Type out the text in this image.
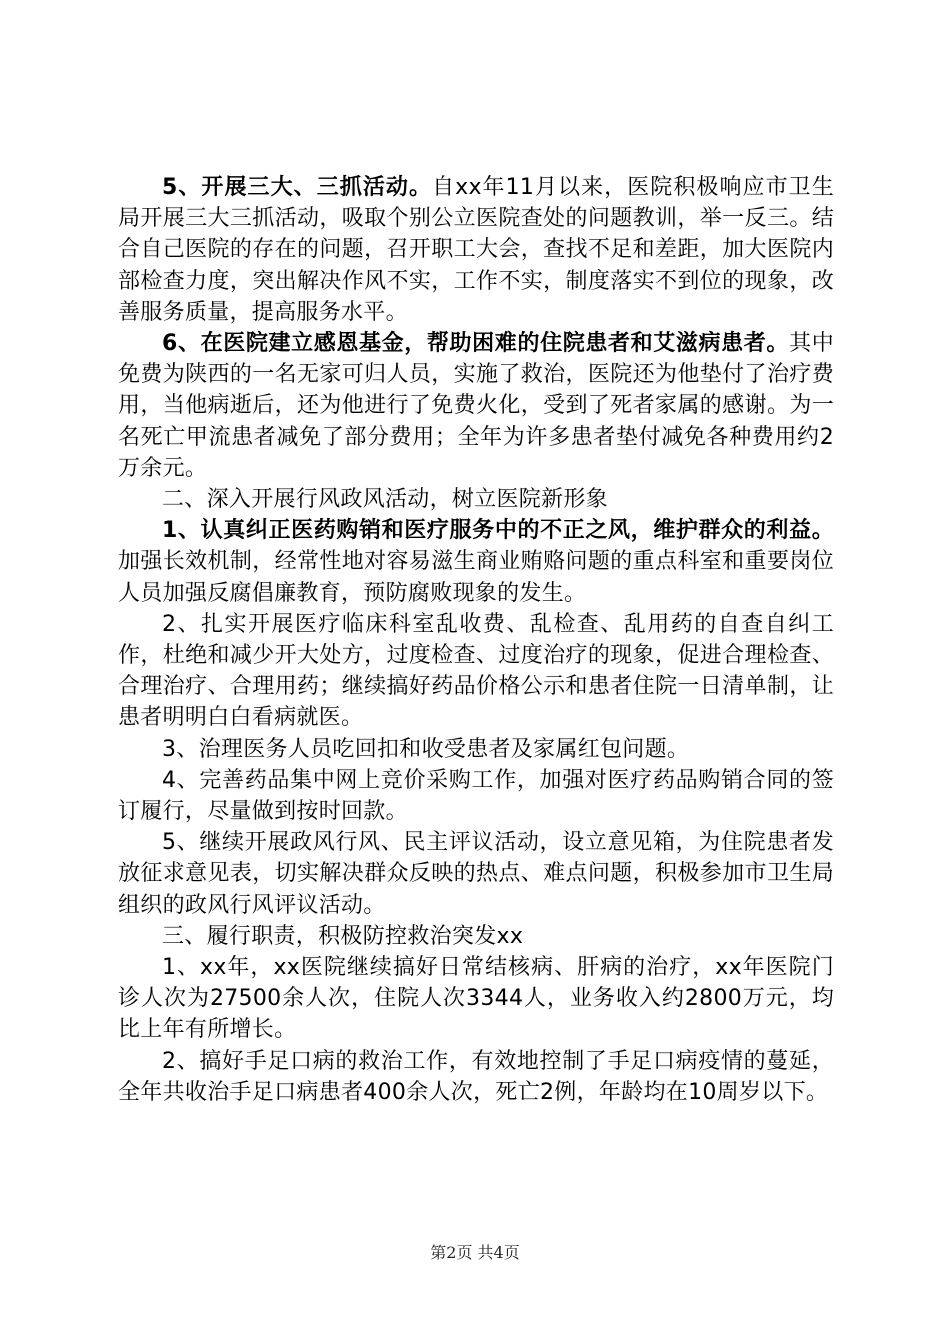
5、开展三大、三抓活动。自xx年11月以来，医院积极响应市卫生局开展三大三抓活动，吸取个别公立医院查处的问题教训，举一反三。结合自己医院的存在的问题，召开职工大会，查找不足和差距，加大医院内部检查力度，突出解决作风不实，工作不实，制度落实不到位的现象，改善服务质量，提高服务水平。

6、在医院建立感恩基金，帮助困难的住院患者和艾滋病患者。其中免费为陕西的一名无家可归人员，实施了救治，医院还为他垫付了治疗费用，当他病逝后，还为他进行了免费火化，受到了死者家属的感谢。为一名死亡甲流患者减免了部分费用；全年为许多患者垫付减免各种费用约2万余元。

二、深入开展行风政风活动，树立医院新形象

1、认真纠正医药购销和医疗服务中的不正之风，维护群众的利益。加强长效机制，经常性地对容易滋生商业贿赂问题的重点科室和重要岗位人员加强反腐倡廉教育，预防腐败现象的发生。

2、扎实开展医疗临床科室乱收费、乱检查、乱用药的自查自纠工作，杜绝和减少开大处方，过度检查、过度治疗的现象，促进合理检查、合理治疗、合理用药；继续搞好药品价格公示和患者住院一日清单制，让患者明明白白看病就医。

3、治理医务人员吃回扣和收受患者及家属红包问题。

4、完善药品集中网上竞价采购工作，加强对医疗药品购销合同的签订履行，尽量做到按时回款。

5、继续开展政风行风、民主评议活动，设立意见箱，为住院患者发放征求意见表，切实解决群众反映的热点、难点问题，积极参加市卫生局组织的政风行风评议活动。

三、履行职责，积极防控救治突发xx

1、xx年，xx医院继续搞好日常结核病、肝病的治疗，xx年医院门诊人次为27500余人次，住院人次3344人，业务收入约2800万元，均比上年有所增长。

2、搞好手足口病的救治工作，有效地控制了手足口病疫情的蔓延，全年共收治手足口病患者400余人次，死亡2例，年龄均在10周岁以下。

第2页 共4页
